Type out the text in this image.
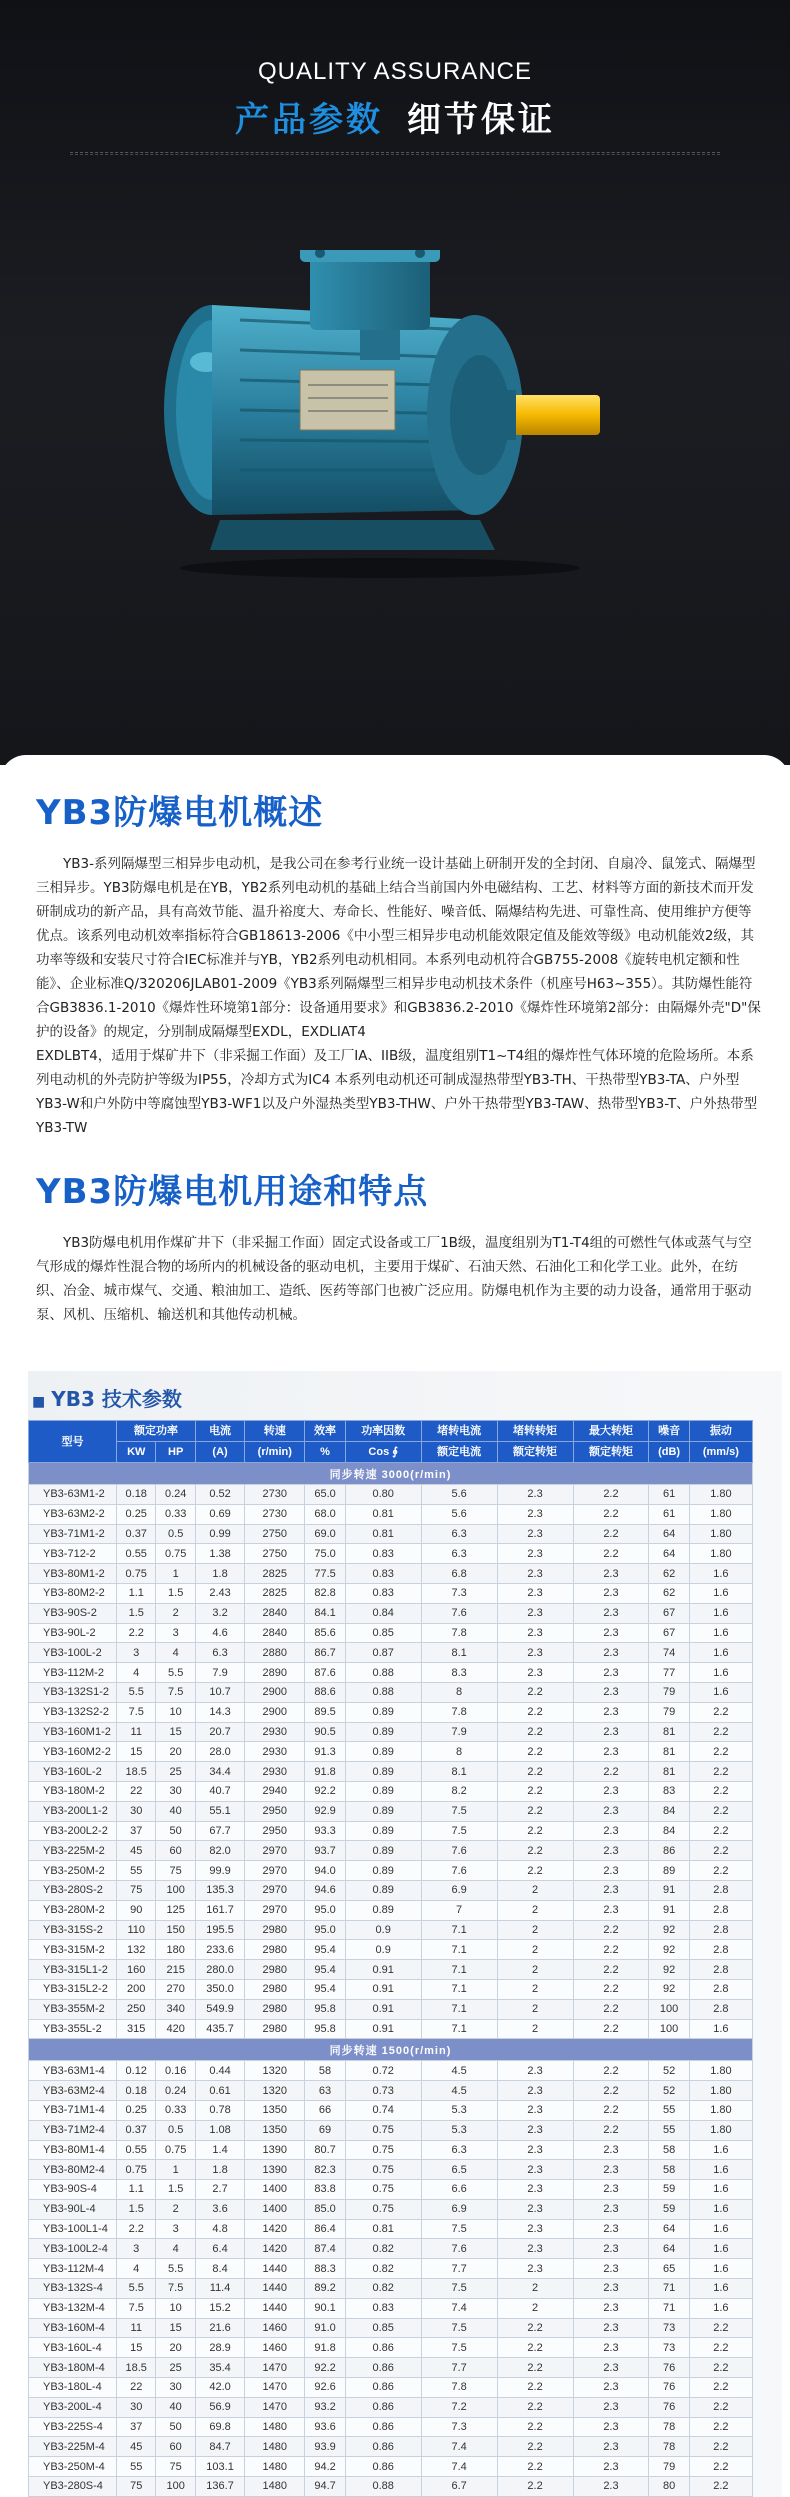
QUALITY ASSURANCE
产品参数 细节保证
YB3防爆电机概述

YB3-系列隔爆型三相异步电动机，是我公司在参考行业统一设计基础上研制开发的全封闭、自扇冷、鼠笼式、隔爆型三相异步。YB3防爆电机是在YB，YB2系列电动机的基础上结合当前国内外电磁结构、工艺、材料等方面的新技术而开发研制成功的新产品，具有高效节能、温升裕度大、寿命长、性能好、噪音低、隔爆结构先进、可靠性高、使用维护方便等优点。该系列电动机效率指标符合GB18613-2006《中小型三相异步电动机能效限定值及能效等级》电动机能效2级，其功率等级和安装尺寸符合IEC标准并与YB，YB2系列电动机相同。本系列电动机符合GB755-2008《旋转电机定额和性能》、企业标准Q/320206JLAB01-2009《YB3系列隔爆型三相异步电动机技术条件（机座号H63~355）。其防爆性能符合GB3836.1-2010《爆炸性环境第1部分：设备通用要求》和GB3836.2-2010《爆炸性环境第2部分：由隔爆外壳"D"保护的设备》的规定，分别制成隔爆型EXDL，EXDLIAT4

EXDLBT4，适用于煤矿井下（非采掘工作面）及工厂IA、IIB级，温度组别T1~T4组的爆炸性气体环境的危险场所。本系列电动机的外壳防护等级为IP55，冷却方式为IC4 本系列电动机还可制成湿热带型YB3-TH、干热带型YB3-TA、户外型YB3-W和户外防中等腐蚀型YB3-WF1以及户外湿热类型YB3-THW、户外干热带型YB3-TAW、热带型YB3-T、户外热带型YB3-TW

YB3防爆电机用途和特点

YB3防爆电机用作煤矿井下（非采掘工作面）固定式设备或工厂1B级，温度组别为T1-T4组的可燃性气体或蒸气与空气形成的爆炸性混合物的场所内的机械设备的驱动电机，主要用于煤矿、石油天然、石油化工和化学工业。此外，在纺织、冶金、城市煤气、交通、粮油加工、造纸、医药等部门也被广泛应用。防爆电机作为主要的动力设备，通常用于驱动泵、风机、压缩机、输送机和其他传动机械。

■ YB3 技术参数
型号	额定功率		电流	转速	效率	功率因数	堵转电流	堵转转矩	最大转矩	噪音	振动
	KW	HP	(A)	(r/min)	%	Cos ∮	额定电流	额定转矩	额定转矩	(dB)	(mm/s)
同步转速 3000(r/min)											
YB3-63M1-2	0.18	0.24	0.52	2730	65.0	0.80	5.6	2.3	2.2	61	1.80
YB3-63M2-2	0.25	0.33	0.69	2730	68.0	0.81	5.6	2.3	2.2	61	1.80
YB3-71M1-2	0.37	0.5	0.99	2750	69.0	0.81	6.3	2.3	2.2	64	1.80
YB3-712-2	0.55	0.75	1.38	2750	75.0	0.83	6.3	2.3	2.2	64	1.80
YB3-80M1-2	0.75	1	1.8	2825	77.5	0.83	6.8	2.3	2.3	62	1.6
YB3-80M2-2	1.1	1.5	2.43	2825	82.8	0.83	7.3	2.3	2.3	62	1.6
YB3-90S-2	1.5	2	3.2	2840	84.1	0.84	7.6	2.3	2.3	67	1.6
YB3-90L-2	2.2	3	4.6	2840	85.6	0.85	7.8	2.3	2.3	67	1.6
YB3-100L-2	3	4	6.3	2880	86.7	0.87	8.1	2.3	2.3	74	1.6
YB3-112M-2	4	5.5	7.9	2890	87.6	0.88	8.3	2.3	2.3	77	1.6
YB3-132S1-2	5.5	7.5	10.7	2900	88.6	0.88	8	2.2	2.3	79	1.6
YB3-132S2-2	7.5	10	14.3	2900	89.5	0.89	7.8	2.2	2.3	79	2.2
YB3-160M1-2	11	15	20.7	2930	90.5	0.89	7.9	2.2	2.3	81	2.2
YB3-160M2-2	15	20	28.0	2930	91.3	0.89	8	2.2	2.3	81	2.2
YB3-160L-2	18.5	25	34.4	2930	91.8	0.89	8.1	2.2	2.2	81	2.2
YB3-180M-2	22	30	40.7	2940	92.2	0.89	8.2	2.2	2.3	83	2.2
YB3-200L1-2	30	40	55.1	2950	92.9	0.89	7.5	2.2	2.3	84	2.2
YB3-200L2-2	37	50	67.7	2950	93.3	0.89	7.5	2.2	2.3	84	2.2
YB3-225M-2	45	60	82.0	2970	93.7	0.89	7.6	2.2	2.3	86	2.2
YB3-250M-2	55	75	99.9	2970	94.0	0.89	7.6	2.2	2.3	89	2.2
YB3-280S-2	75	100	135.3	2970	94.6	0.89	6.9	2	2.3	91	2.8
YB3-280M-2	90	125	161.7	2970	95.0	0.89	7	2	2.3	91	2.8
YB3-315S-2	110	150	195.5	2980	95.0	0.9	7.1	2	2.2	92	2.8
YB3-315M-2	132	180	233.6	2980	95.4	0.9	7.1	2	2.2	92	2.8
YB3-315L1-2	160	215	280.0	2980	95.4	0.91	7.1	2	2.2	92	2.8
YB3-315L2-2	200	270	350.0	2980	95.4	0.91	7.1	2	2.2	92	2.8
YB3-355M-2	250	340	549.9	2980	95.8	0.91	7.1	2	2.2	100	2.8
YB3-355L-2	315	420	435.7	2980	95.8	0.91	7.1	2	2.2	100	1.6
同步转速 1500(r/min)											
YB3-63M1-4	0.12	0.16	0.44	1320	58	0.72	4.5	2.3	2.2	52	1.80
YB3-63M2-4	0.18	0.24	0.61	1320	63	0.73	4.5	2.3	2.2	52	1.80
YB3-71M1-4	0.25	0.33	0.78	1350	66	0.74	5.3	2.3	2.2	55	1.80
YB3-71M2-4	0.37	0.5	1.08	1350	69	0.75	5.3	2.3	2.2	55	1.80
YB3-80M1-4	0.55	0.75	1.4	1390	80.7	0.75	6.3	2.3	2.3	58	1.6
YB3-80M2-4	0.75	1	1.8	1390	82.3	0.75	6.5	2.3	2.3	58	1.6
YB3-90S-4	1.1	1.5	2.7	1400	83.8	0.75	6.6	2.3	2.3	59	1.6
YB3-90L-4	1.5	2	3.6	1400	85.0	0.75	6.9	2.3	2.3	59	1.6
YB3-100L1-4	2.2	3	4.8	1420	86.4	0.81	7.5	2.3	2.3	64	1.6
YB3-100L2-4	3	4	6.4	1420	87.4	0.82	7.6	2.3	2.3	64	1.6
YB3-112M-4	4	5.5	8.4	1440	88.3	0.82	7.7	2.3	2.3	65	1.6
YB3-132S-4	5.5	7.5	11.4	1440	89.2	0.82	7.5	2	2.3	71	1.6
YB3-132M-4	7.5	10	15.2	1440	90.1	0.83	7.4	2	2.3	71	1.6
YB3-160M-4	11	15	21.6	1460	91.0	0.85	7.5	2.2	2.3	73	2.2
YB3-160L-4	15	20	28.9	1460	91.8	0.86	7.5	2.2	2.3	73	2.2
YB3-180M-4	18.5	25	35.4	1470	92.2	0.86	7.7	2.2	2.3	76	2.2
YB3-180L-4	22	30	42.0	1470	92.6	0.86	7.8	2.2	2.3	76	2.2
YB3-200L-4	30	40	56.9	1470	93.2	0.86	7.2	2.2	2.3	76	2.2
YB3-225S-4	37	50	69.8	1480	93.6	0.86	7.3	2.2	2.3	78	2.2
YB3-225M-4	45	60	84.7	1480	93.9	0.86	7.4	2.2	2.3	78	2.2
YB3-250M-4	55	75	103.1	1480	94.2	0.86	7.4	2.2	2.3	79	2.2
YB3-280S-4	75	100	136.7	1480	94.7	0.88	6.7	2.2	2.3	80	2.2
